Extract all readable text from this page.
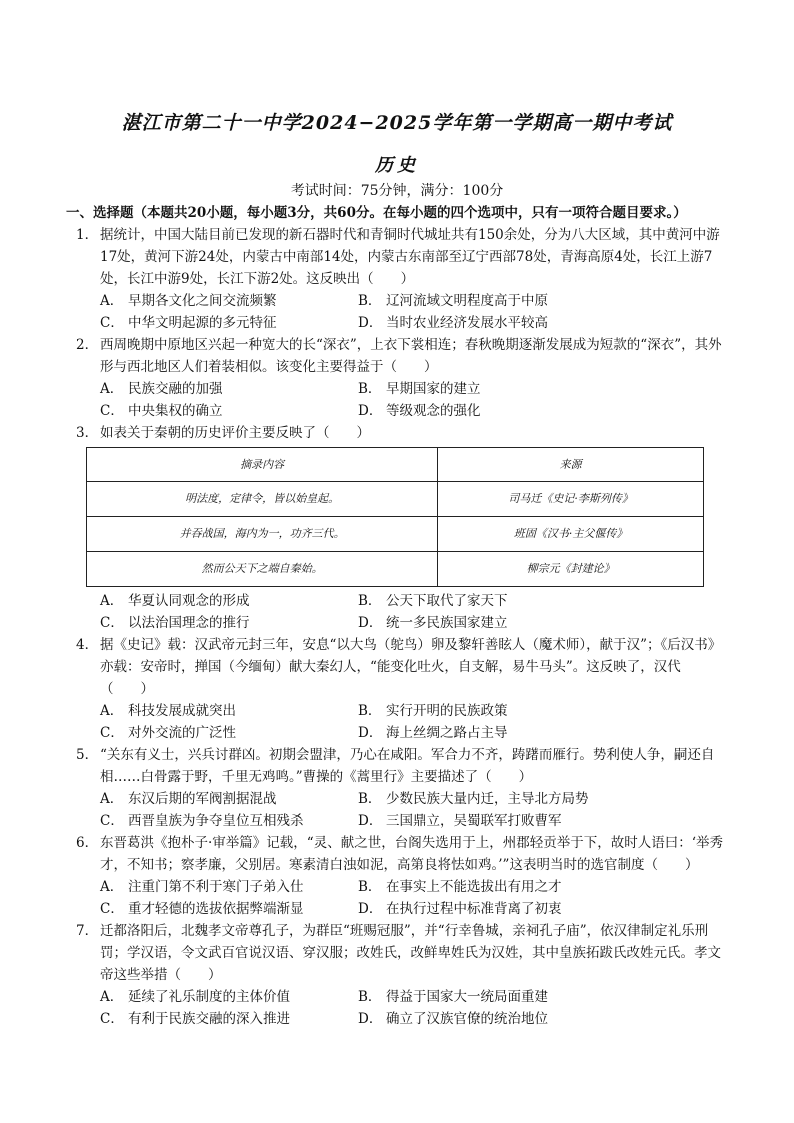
湛江市第二十一中学2024−2025学年第一学期高一期中考试
历史
考试时间：75分钟，满分：100分
一、选择题（本题共20小题，每小题3分，共60分。在每小题的四个选项中，只有一项符合题目要求。）
1． 据统计，中国大陆目前已发现的新石器时代和青铜时代城址共有150余处，分为八大区域，其中黄河中游17处，黄河下游24处，内蒙古中南部14处，内蒙古东南部至辽宁西部78处，青海高原4处，长江上游7处，长江中游9处，长江下游2处。这反映出（　　）
A． 早期各文化之间交流频繁	B． 辽河流域文明程度高于中原
C． 中华文明起源的多元特征	D． 当时农业经济发展水平较高
2． 西周晚期中原地区兴起一种宽大的长“深衣”，上衣下裳相连；春秋晚期逐渐发展成为短款的“深衣”，其外形与西北地区人们着装相似。该变化主要得益于（　　）
A． 民族交融的加强	B． 早期国家的建立
C． 中央集权的确立	D． 等级观念的强化
3． 如表关于秦朝的历史评价主要反映了（　　）
摘录内容	来源
明法度，定律令，皆以始皇起。	司马迁《史记·李斯列传》
并吞战国，海内为一，功齐三代。	班固《汉书·主父偃传》
然而公天下之端自秦始。	柳宗元《封建论》
A． 华夏认同观念的形成	B． 公天下取代了家天下
C． 以法治国理念的推行	D． 统一多民族国家建立
4． 据《史记》载：汉武帝元封三年，安息“以大鸟（鸵鸟）卵及黎轩善眩人（魔术师），献于汉”；《后汉书》亦载：安帝时，掸国（今缅甸）献大秦幻人，“能变化吐火，自支解，易牛马头”。这反映了，汉代（　　）
A． 科技发展成就突出	B． 实行开明的民族政策
C． 对外交流的广泛性	D． 海上丝绸之路占主导
5． “关东有义士，兴兵讨群凶。初期会盟津，乃心在咸阳。军合力不齐，踌躇而雁行。势利使人争，嗣还自相……白骨露于野，千里无鸡鸣。”曹操的《蒿里行》主要描述了（　　）
A． 东汉后期的军阀割据混战	B． 少数民族大量内迁，主导北方局势
C． 西晋皇族为争夺皇位互相残杀	D． 三国鼎立，吴蜀联军打败曹军
6． 东晋葛洪《抱朴子·审举篇》记载，“灵、献之世，台阁失选用于上，州郡轻贡举于下，故时人语曰：‘举秀才，不知书；察孝廉，父别居。寒素清白浊如泥，高第良将怯如鸡。’”这表明当时的选官制度（　　）
A． 注重门第不利于寒门子弟入仕	B． 在事实上不能选拔出有用之才
C． 重才轻德的选拔依据弊端渐显	D． 在执行过程中标准背离了初衷
7． 迁都洛阳后，北魏孝文帝尊孔子，为群臣“班赐冠服”，并“行幸鲁城，亲祠孔子庙”，依汉律制定礼乐刑罚；学汉语，令文武百官说汉语、穿汉服；改姓氏，改鲜卑姓氏为汉姓，其中皇族拓跋氏改姓元氏。孝文帝这些举措（　　）
A． 延续了礼乐制度的主体价值	B． 得益于国家大一统局面重建
C． 有利于民族交融的深入推进	D． 确立了汉族官僚的统治地位
